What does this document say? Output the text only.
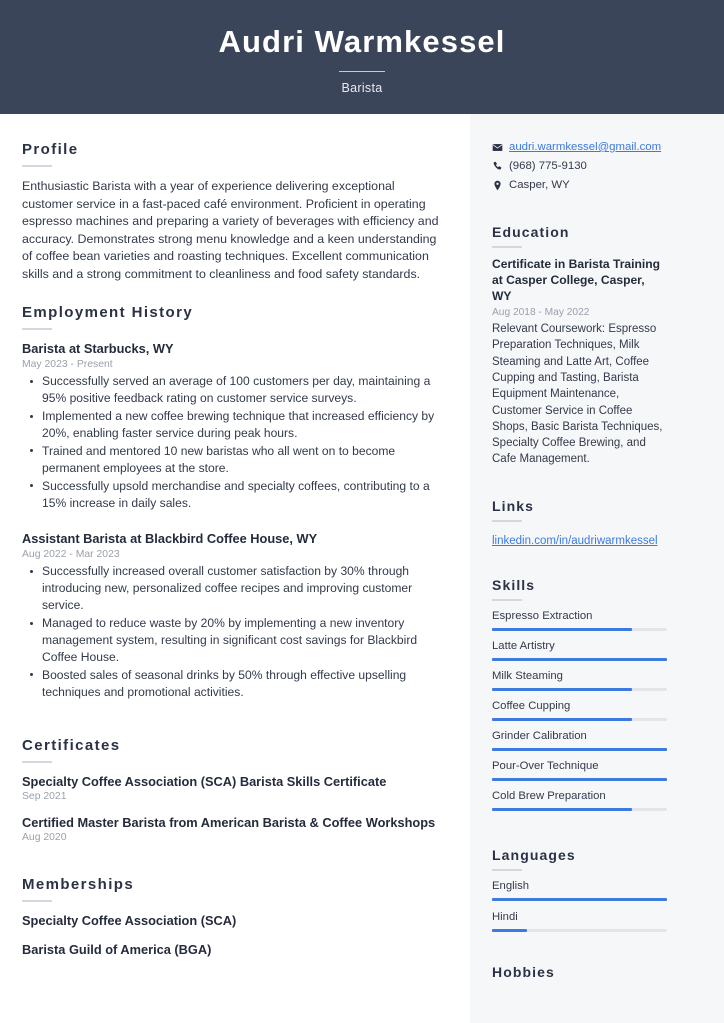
Audri Warmkessel
Barista
Profile
Enthusiastic Barista with a year of experience delivering exceptional customer service in a fast-paced café environment. Proficient in operating espresso machines and preparing a variety of beverages with efficiency and accuracy. Demonstrates strong menu knowledge and a keen understanding of coffee bean varieties and roasting techniques. Excellent communication skills and a strong commitment to cleanliness and food safety standards.
Employment History
Barista at Starbucks, WY
May 2023 - Present
Successfully served an average of 100 customers per day, maintaining a 95% positive feedback rating on customer service surveys.
Implemented a new coffee brewing technique that increased efficiency by 20%, enabling faster service during peak hours.
Trained and mentored 10 new baristas who all went on to become permanent employees at the store.
Successfully upsold merchandise and specialty coffees, contributing to a 15% increase in daily sales.
Assistant Barista at Blackbird Coffee House, WY
Aug 2022 - Mar 2023
Successfully increased overall customer satisfaction by 30% through introducing new, personalized coffee recipes and improving customer service.
Managed to reduce waste by 20% by implementing a new inventory management system, resulting in significant cost savings for Blackbird Coffee House.
Boosted sales of seasonal drinks by 50% through effective upselling techniques and promotional activities.
Certificates
Specialty Coffee Association (SCA) Barista Skills Certificate
Sep 2021
Certified Master Barista from American Barista & Coffee Workshops
Aug 2020
Memberships
Specialty Coffee Association (SCA)
Barista Guild of America (BGA)
audri.warmkessel@gmail.com
(968) 775-9130
Casper, WY
Education
Certificate in Barista Training at Casper College, Casper, WY
Aug 2018 - May 2022
Relevant Coursework: Espresso Preparation Techniques, Milk Steaming and Latte Art, Coffee Cupping and Tasting, Barista Equipment Maintenance, Customer Service in Coffee Shops, Basic Barista Techniques, Specialty Coffee Brewing, and Cafe Management.
Links
linkedin.com/in/audriwarmkessel
Skills
Espresso Extraction
Latte Artistry
Milk Steaming
Coffee Cupping
Grinder Calibration
Pour-Over Technique
Cold Brew Preparation
Languages
English
Hindi
Hobbies
